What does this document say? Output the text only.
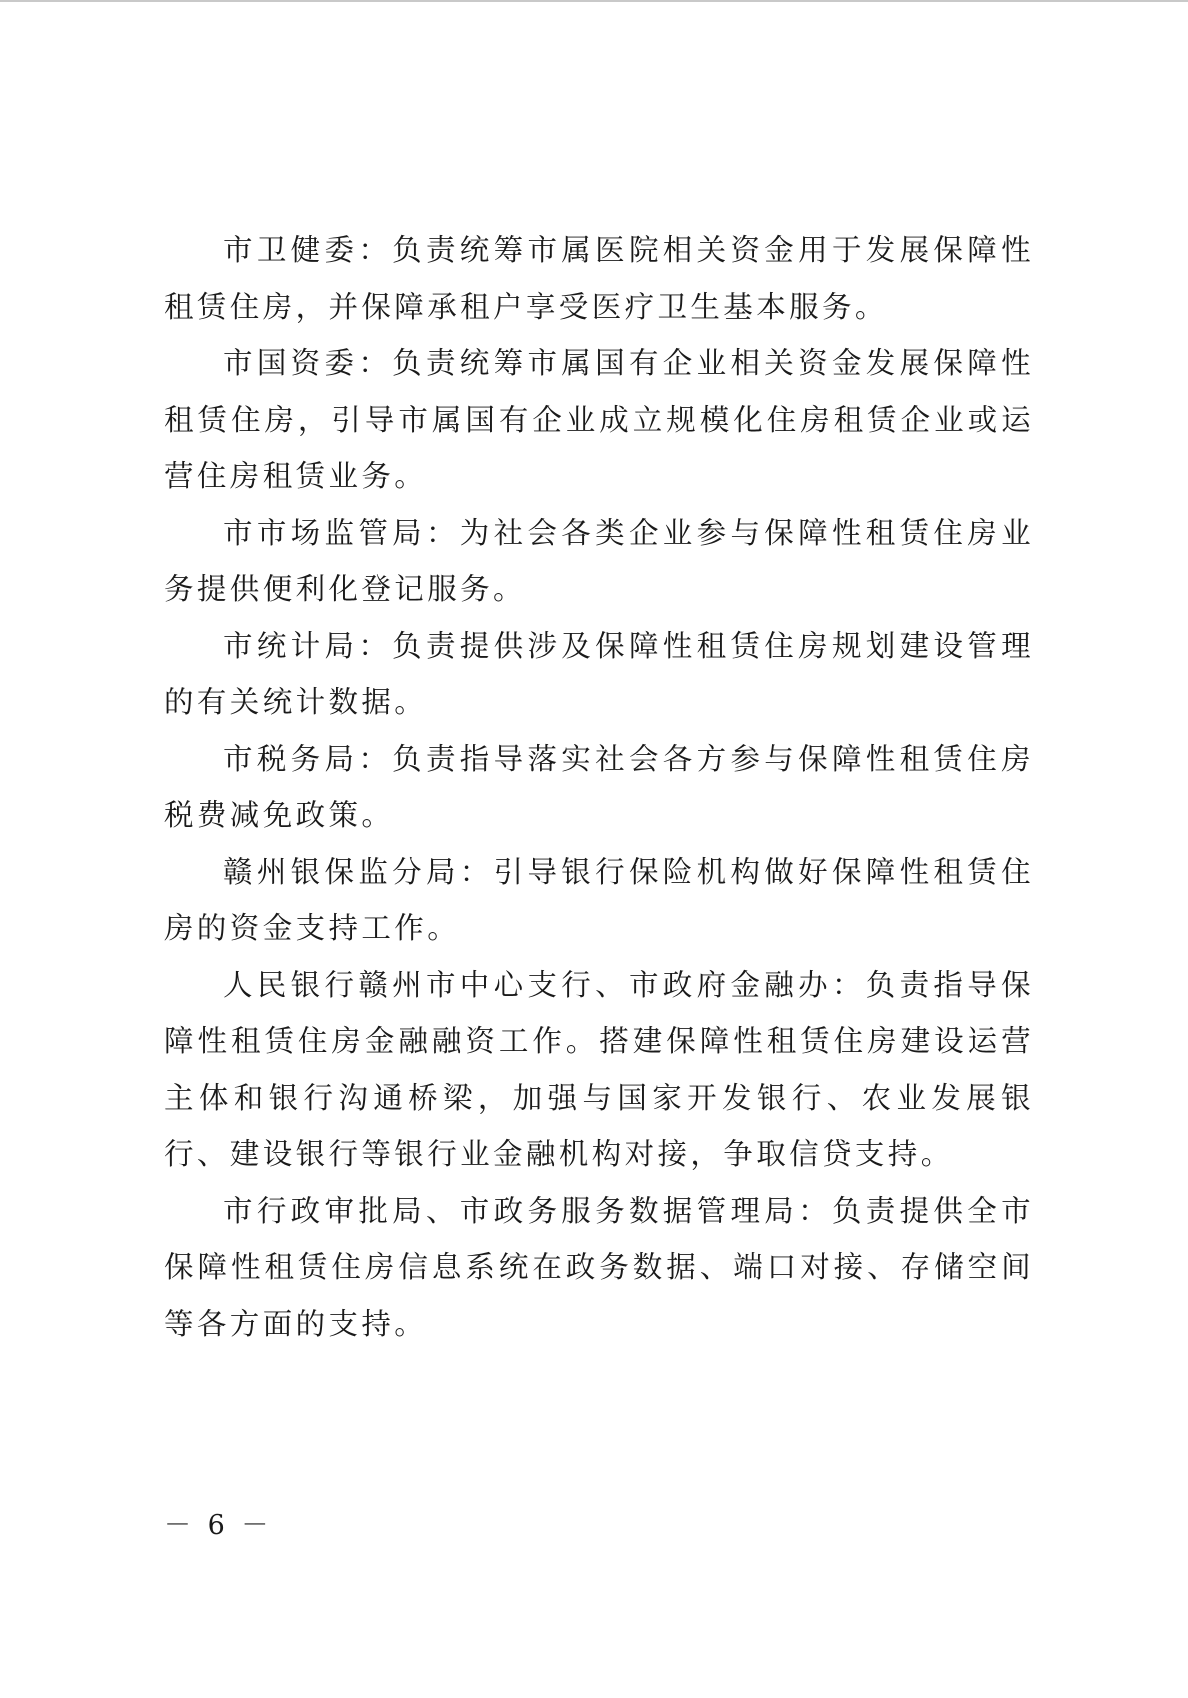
市卫健委：负责统筹市属医院相关资金用于发展保障性租赁住房，并保障承租户享受医疗卫生基本服务。

市国资委：负责统筹市属国有企业相关资金发展保障性租赁住房，引导市属国有企业成立规模化住房租赁企业或运营住房租赁业务。

市市场监管局：为社会各类企业参与保障性租赁住房业务提供便利化登记服务。

市统计局：负责提供涉及保障性租赁住房规划建设管理的有关统计数据。

市税务局：负责指导落实社会各方参与保障性租赁住房税费减免政策。

赣州银保监分局：引导银行保险机构做好保障性租赁住房的资金支持工作。

人民银行赣州市中心支行、市政府金融办：负责指导保障性租赁住房金融融资工作。搭建保障性租赁住房建设运营主体和银行沟通桥梁，加强与国家开发银行、农业发展银行、建设银行等银行业金融机构对接，争取信贷支持。

市行政审批局、市政务服务数据管理局：负责提供全市保障性租赁住房信息系统在政务数据、端口对接、存储空间等各方面的支持。

－ 6 －
